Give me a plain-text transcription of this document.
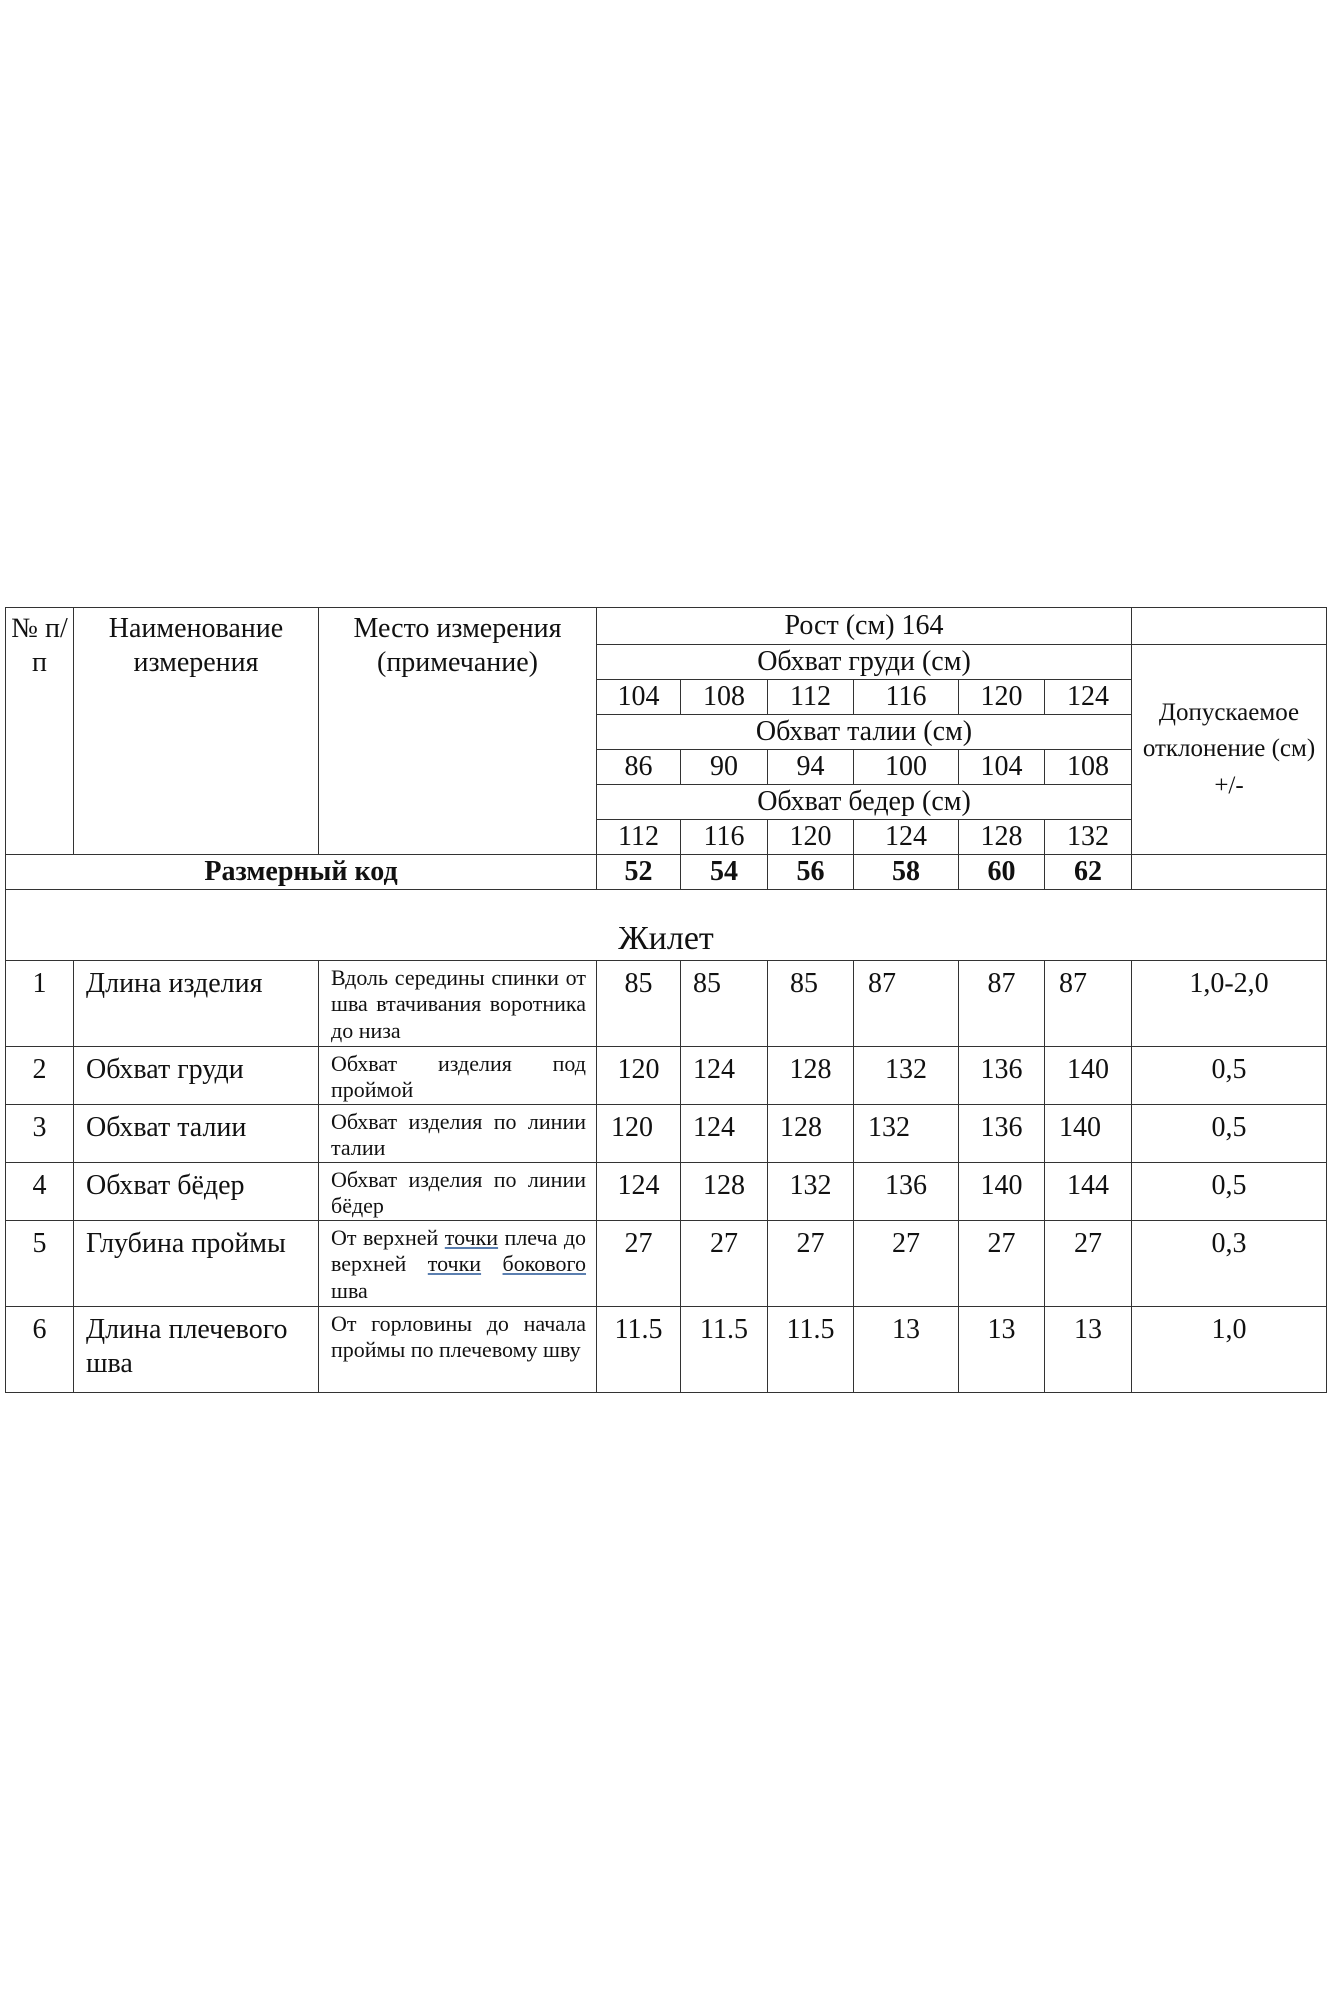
№ п/п	Наименование измерения	Место измерения (примечание)	Рост (см) 164						
			Обхват груди (см)						Допускаемое отклонение (см) +/-
			104	108	112	116	120	124	
			Обхват талии (см)						
			86	90	94	100	104	108	
			Обхват бедер (см)						
			112	116	120	124	128	132	
Размерный код			52	54	56	58	60	62	
Жилет									
1	Длина изделия	Вдоль середины спинки от шва втачивания воротника до низа	85	85	85	87	87	87	1,0-2,0
2	Обхват груди	Обхват изделия под проймой	120	124	128	132	136	140	0,5
3	Обхват талии	Обхват изделия по линии талии	120	124	128	132	136	140	0,5
4	Обхват бёдер	Обхват изделия по линии бёдер	124	128	132	136	140	144	0,5
5	Глубина проймы	От верхней точки плеча до верхней точки бокового шва	27	27	27	27	27	27	0,3
6	Длина плечевого шва	От горловины до начала проймы по плечевому шву	11.5	11.5	11.5	13	13	13	1,0
